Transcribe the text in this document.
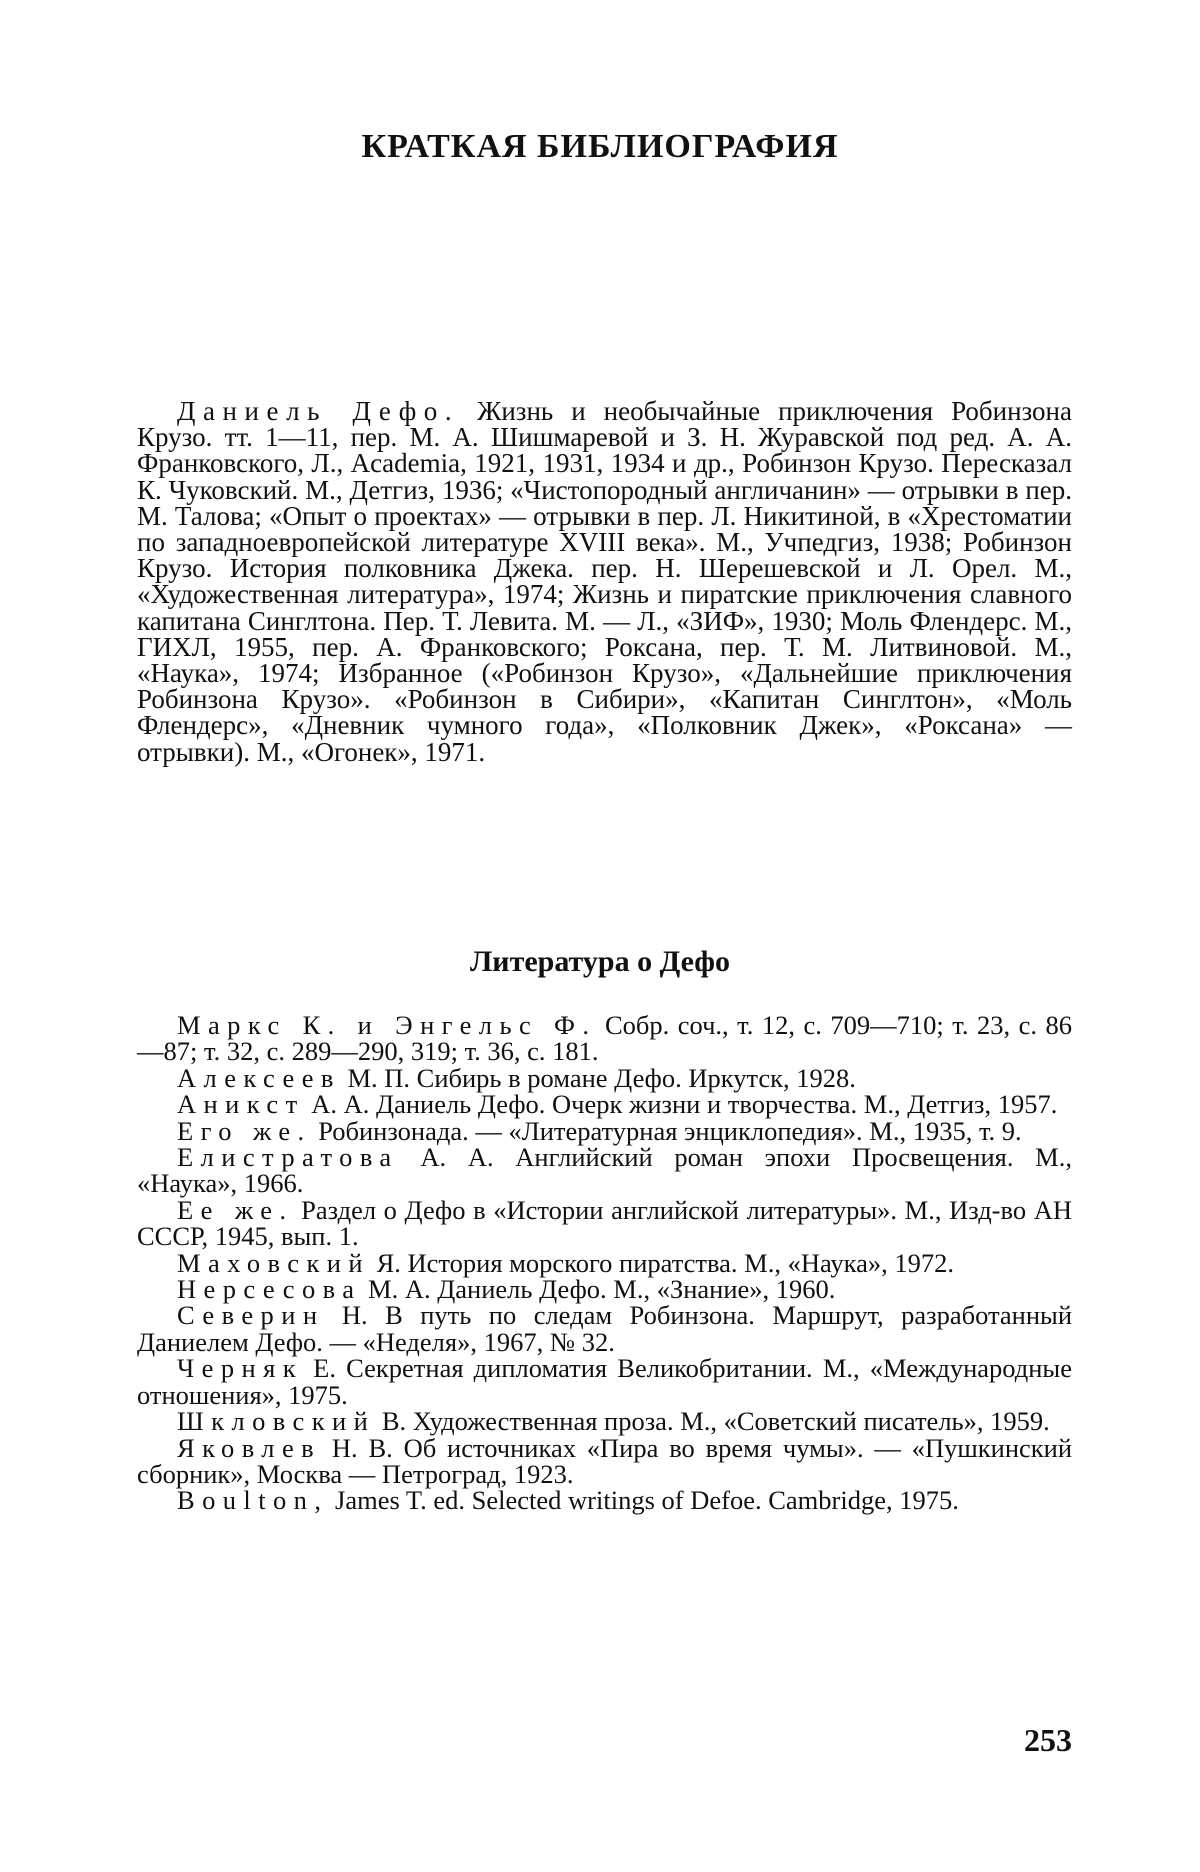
КРАТКАЯ БИБЛИОГРАФИЯ

Даниель Дефо. Жизнь и необычайные приключения Робинзона Крузо. тт. 1—11, пер. М. А. Шишмаревой и З. Н. Журавской под ред. А. А. Франковского, Л., Academia, 1921, 1931, 1934 и др., Робинзон Крузо. Пересказал К. Чуковский. М., Детгиз, 1936; «Чистопородный англичанин» — отрывки в пер. М. Талова; «Опыт о проектах» — отрывки в пер. Л. Никитиной, в «Хрестоматии по западноевропейской литературе XVIII века». М., Учпедгиз, 1938; Робинзон Крузо. История полковника Джека. пер. Н. Шерешевской и Л. Орел. М., «Художественная литература», 1974; Жизнь и пиратские приключения славного капитана Синглтона. Пер. Т. Левита. М. — Л., «ЗИФ», 1930; Моль Флендерс. М., ГИХЛ, 1955, пер. А. Франковского; Роксана, пер. Т. М. Литвиновой. М., «Наука», 1974; Избранное («Робинзон Крузо», «Дальнейшие приключения Робинзона Крузо». «Робинзон в Сибири», «Капитан Синглтон», «Моль Флендерс», «Дневник чумного года», «Полковник Джек», «Роксана» — отрывки). М., «Огонек», 1971.

Литература о Дефо
Маркс К. и Энгельс Ф. Собр. соч., т. 12, с. 709—710; т. 23, с. 86—87; т. 32, с. 289—290, 319; т. 36, с. 181.
Алексеев М. П. Сибирь в романе Дефо. Иркутск, 1928.
Аникст А. А. Даниель Дефо. Очерк жизни и творчества. М., Детгиз, 1957.
Его же. Робинзонада. — «Литературная энциклопедия». М., 1935, т. 9.
Елистратова А. А. Английский роман эпохи Просвещения. М., «Наука», 1966.
Ее же. Раздел о Дефо в «Истории английской литературы». М., Изд-во АН СССР, 1945, вып. 1.
Маховский Я. История морского пиратства. М., «Наука», 1972.
Нерсесова М. А. Даниель Дефо. М., «Знание», 1960.
Северин Н. В путь по следам Робинзона. Маршрут, разработанный Даниелем Дефо. — «Неделя», 1967, № 32.
Черняк Е. Секретная дипломатия Великобритании. М., «Международные отношения», 1975.
Шкловский В. Художественная проза. М., «Советский писатель», 1959.
Яковлев Н. В. Об источниках «Пира во время чумы». — «Пушкинский сборник», Москва — Петроград, 1923.
Boulton, James T. ed. Selected writings of Defoe. Cambridge, 1975.
253
